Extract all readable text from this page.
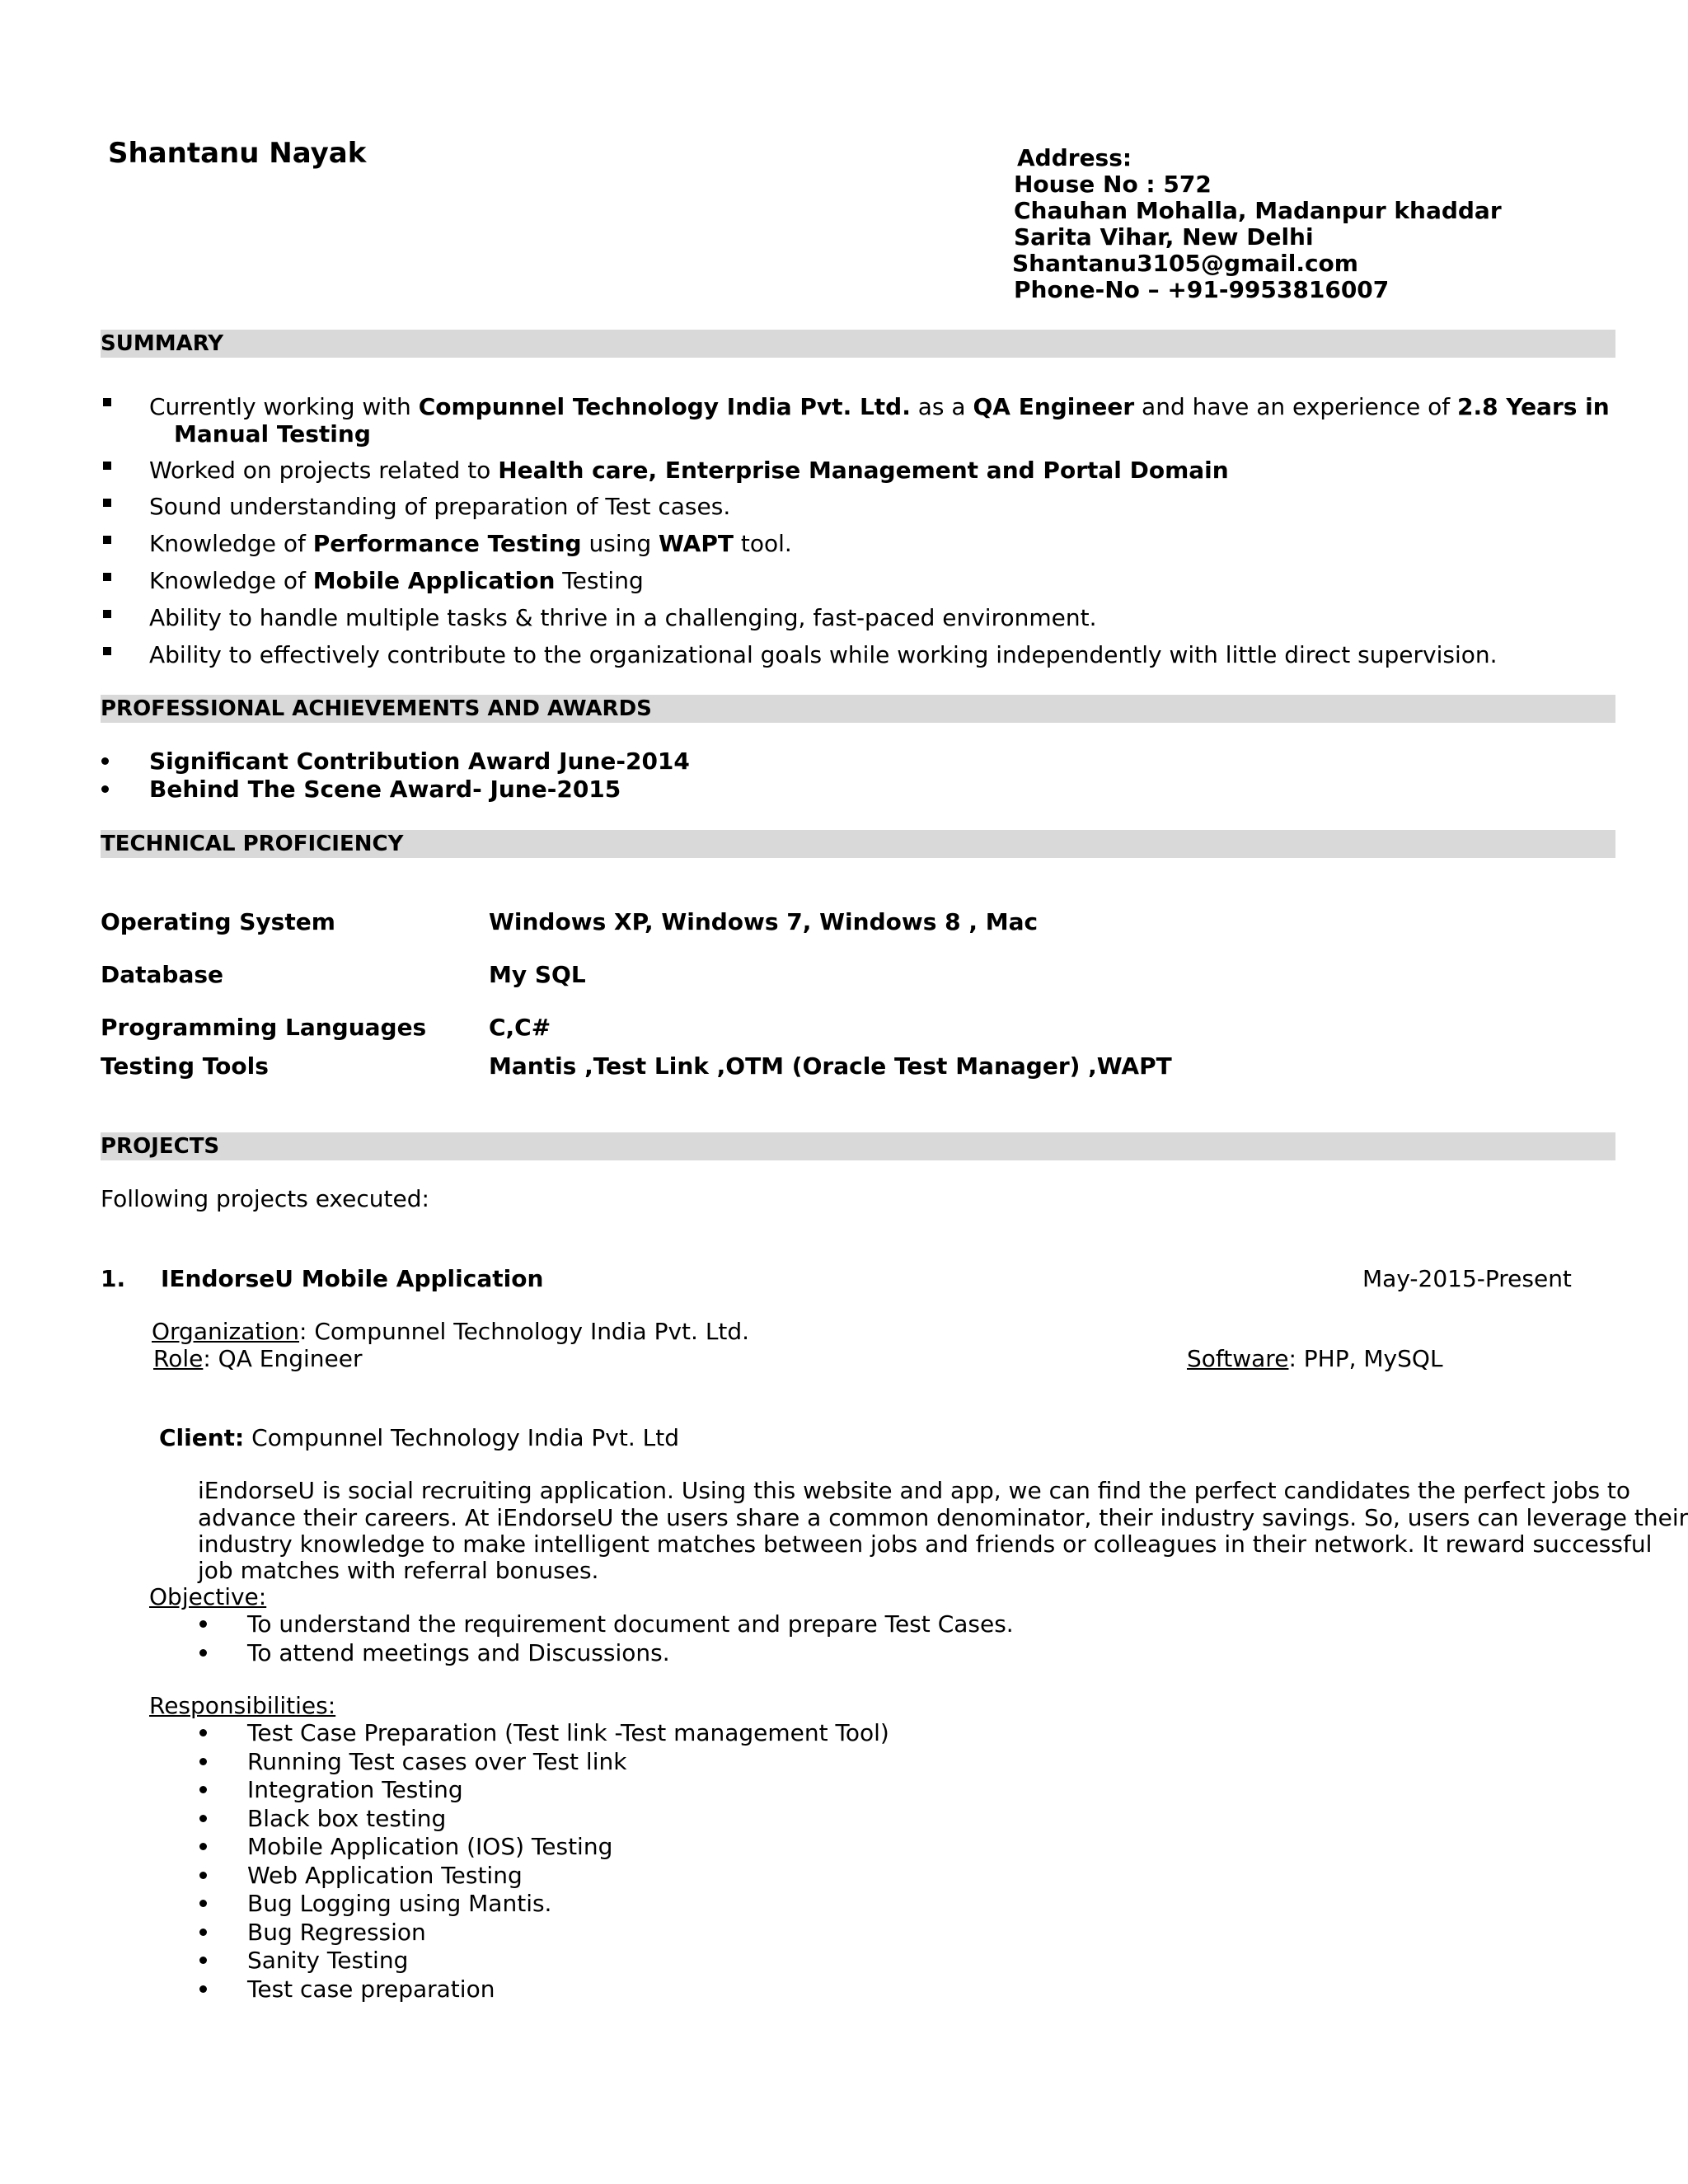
Shantanu Nayak	Address:
House No : 572
Chauhan Mohalla, Madanpur khaddar
Sarita Vihar, New Delhi
Shantanu3105@gmail.com
Phone-No – +91-9953816007
SUMMARY
Currently working with Compunnel Technology India Pvt. Ltd. as a QA Engineer and have an experience of 2.8 Years in
Manual Testing
Worked on projects related to Health care, Enterprise Management and Portal Domain
Sound understanding of preparation of Test cases.
Knowledge of Performance Testing using WAPT tool.
Knowledge of Mobile Application Testing
Ability to handle multiple tasks & thrive in a challenging, fast-paced environment.
Ability to effectively contribute to the organizational goals while working independently with little direct supervision.
PROFESSIONAL ACHIEVEMENTS AND AWARDS
Significant Contribution Award June-2014
Behind The Scene Award- June-2015
TECHNICAL PROFICIENCY
Operating System	Windows XP, Windows 7, Windows 8 , Mac
Database	My SQL
Programming Languages	C,C#
Testing Tools	Mantis ,Test Link ,OTM (Oracle Test Manager) ,WAPT
PROJECTS
Following projects executed:
1. IEndorseU Mobile Application	May-2015-Present
Organization: Compunnel Technology India Pvt. Ltd.
Role: QA Engineer	Software: PHP, MySQL
Client: Compunnel Technology India Pvt. Ltd
iEndorseU is social recruiting application. Using this website and app, we can find the perfect candidates the perfect jobs to
advance their careers. At iEndorseU the users share a common denominator, their industry savings. So, users can leverage their
industry knowledge to make intelligent matches between jobs and friends or colleagues in their network. It reward successful
job matches with referral bonuses.
Objective:
To understand the requirement document and prepare Test Cases.
To attend meetings and Discussions.
Responsibilities:
Test Case Preparation (Test link -Test management Tool)
Running Test cases over Test link
Integration Testing
Black box testing
Mobile Application (IOS) Testing
Web Application Testing
Bug Logging using Mantis.
Bug Regression
Sanity Testing
Test case preparation
